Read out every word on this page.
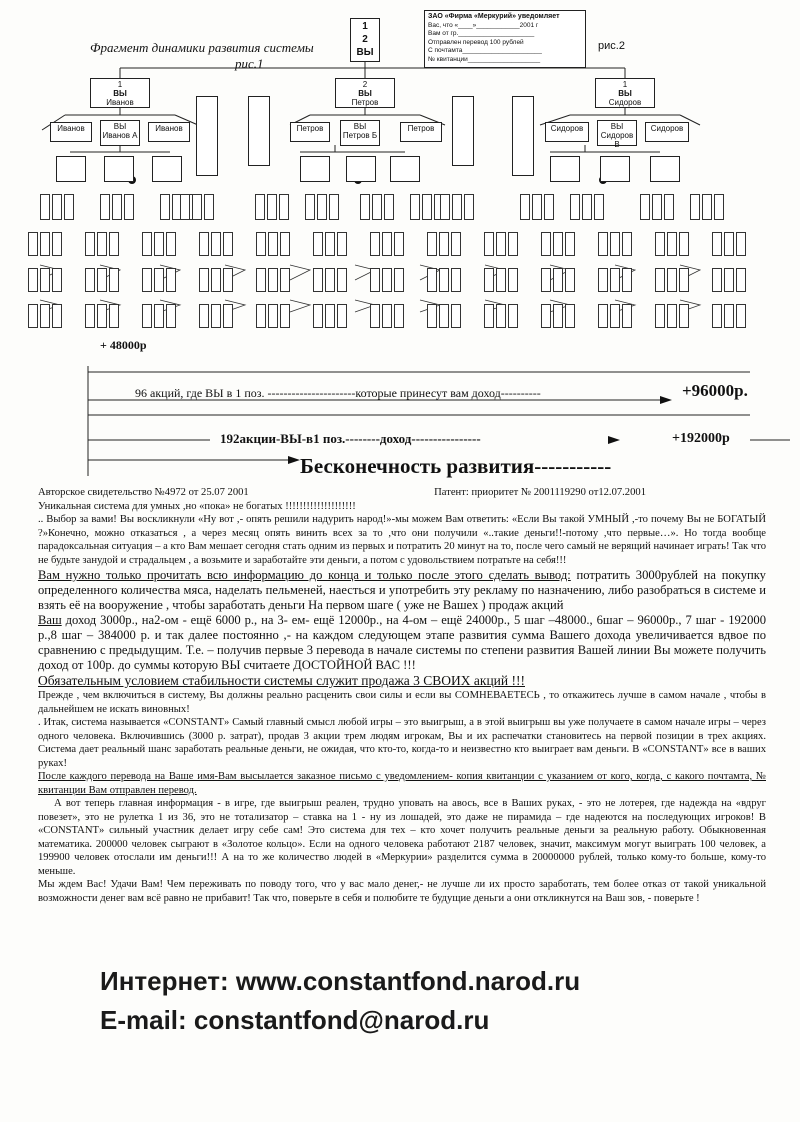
Фрагмент динамики развития системы
рис.1
рис.2
1
2
ВЫ
ЗАО «Фирма «Меркурий» уведомляет
Вас, что «____»____________2001 г
Вам от гр._____________________
Отправлен перевод 100 рублей
С почтамта______________________
№ квитанции____________________
1
ВЫ
Иванов
2
ВЫ
Петров
1
ВЫ
Сидоров
Иванов	ВЫ Иванов А
Иванов	Петров	ВЫ Петров Б
Петров	Сидоров	ВЫ Сидоров В
Сидоров
+ 48000р
96 акций, где ВЫ в 1 поз. ----------------------которые принесут вам доход----------	+96000р.
192акции-ВЫ-в1 поз.--------доход----------------	+192000р
Бесконечность развития-----------
Авторское свидетельство №4972 от 25.07 2001	Патент: приоритет № 2001119290 от12.07.2001

Уникальная система для умных ,но «пока» не богатых !!!!!!!!!!!!!!!!!!!!

.. Выбор за вами! Вы воскликнули «Ну вот ,- опять решили надурить народ!»-мы можем Вам ответить: «Если Вы такой УМНЫЙ ,-то почему Вы не БОГАТЫЙ ?»Конечно, можно отказаться , а через месяц опять винить всех за то ,что они получили «..такие деньги!!-потому ,что первые…». Но тогда вообще парадоксальная ситуация – а кто Вам мешает сегодня стать одним из первых и потратить 20 минут на то, после чего самый не верящий начинает играть! Так что не будьте занудой и страдальцем , а возьмите и заработайте эти деньги, а потом с удовольствием потратьте на себя!!!

Вам нужно только прочитать всю информацию до конца и только после этого сделать вывод: потратить 3000рублей на покупку определенного количества мяса, наделать пельменей, наесться и употребить эту рекламу по назначению, либо разобраться в системе и взять её на вооружение , чтобы заработать деньги На первом шаге ( уже не Вашех ) продаж акций

Ваш доход 3000р., на2-ом - ещё 6000 р., на 3- ем- ещё 12000р., на 4-ом – ещё 24000р., 5 шаг –48000., 6шаг – 96000р., 7 шаг - 192000 р.,8 шаг – 384000 р. и так далее постоянно ,- на каждом следующем этапе развития сумма Вашего дохода увеличивается вдвое по сравнению с предыдущим. Т.е. – получив первые 3 перевода в начале системы по степени развития Вашей линии Вы можете получить доход от 100р. до суммы которую ВЫ считаете ДОСТОЙНОЙ ВАС !!!

Обязательным условием стабильности системы служит продажа 3 СВОИХ акций !!!

Прежде , чем включиться в систему, Вы должны реально расценить свои силы и если вы СОМНЕВАЕТЕСЬ , то откажитесь лучше в самом начале , чтобы в дальнейшем не искать виновных!

. Итак, система называется «CONSTANT» Самый главный смысл любой игры – это выигрыш, а в этой выигрыш вы уже получаете в самом начале игры – через одного человека. Включившись (3000 р. затрат), продав 3 акции трем людям игрокам, Вы и их распечатки становитесь на первой позиции в трех акциях. Система дает реальный шанс заработать реальные деньги, не ожидая, что кто-то, когда-то и неизвестно кто выиграет вам деньги. В «CONSTANT» все в ваших руках!

После каждого перевода на Ваше имя-Вам высылается заказное письмо с уведомлением- копия квитанции с указанием от кого, когда, с какого почтамта, № квитанции Вам отправлен перевод.

А вот теперь главная информация - в игре, где выигрыш реален, трудно уповать на авось, все в Ваших руках, - это не лотерея, где надежда на «вдруг повезет», это не рулетка 1 из 36, это не тотализатор – ставка на 1 - ну из лошадей, это даже не пирамида – где надеются на последующих игроков! В «CONSTANT» сильный участник делает игру себе сам! Это система для тех – кто хочет получить реальные деньги за реальную работу. Обыкновенная математика. 200000 человек сыграют в «Золотое кольцо». Если на одного человека работают 2187 человек, значит, максимум могут выиграть 100 человек, а 199900 человек отослали им деньги!!! А на то же количество людей в «Меркурии» разделится сумма в 20000000 рублей, только кому-то больше, кому-то меньше.

Мы ждем Вас! Удачи Вам! Чем переживать по поводу того, что у вас мало денег,- не лучше ли их просто заработать, тем более отказ от такой уникальной возможности денег вам всё равно не прибавит! Так что, поверьте в себя и полюбите те будущие деньги а они откликнутся на Ваш зов, - поверьте !

Интернет: www.constantfond.narod.ru
E-mail: constantfond@narod.ru
